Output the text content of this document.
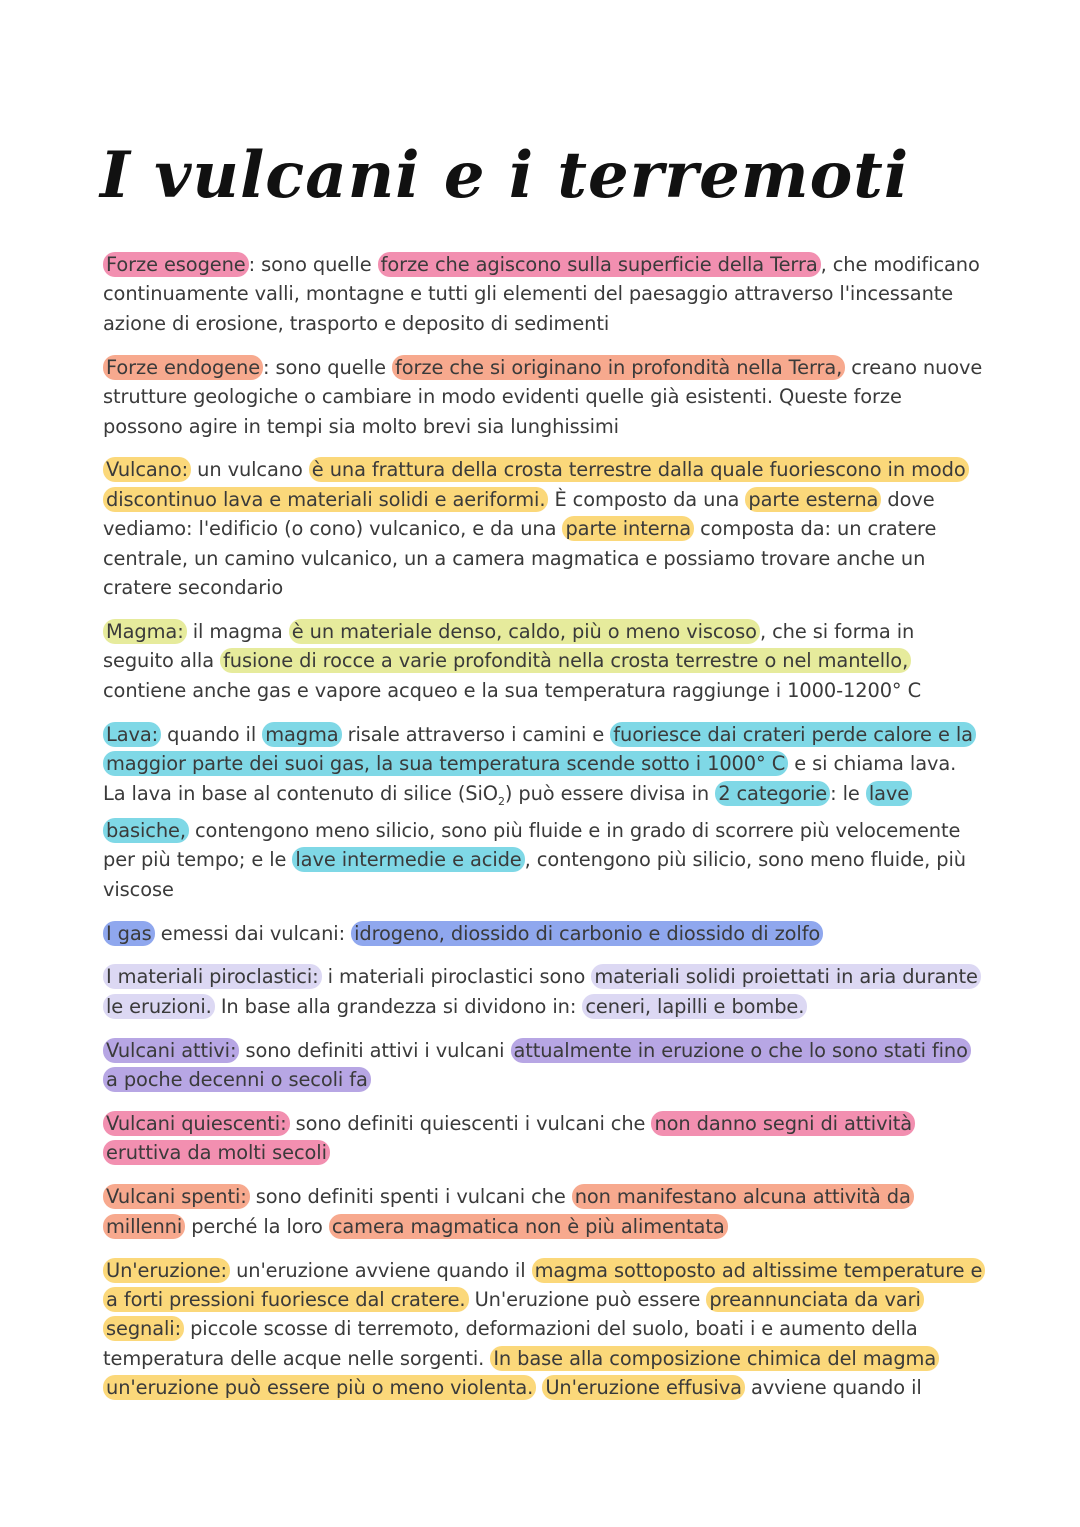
I vulcani e i terremoti

Forze esogene : sono quelle forze che agiscono sulla superficie della Terra , che modificano continuamente valli, montagne e tutti gli elementi del paesaggio attraverso l'incessante azione di erosione, trasporto e deposito di sedimenti

Forze endogene : sono quelle forze che si originano in profondità nella Terra, creano nuove strutture geologiche o cambiare in modo evidenti quelle già esistenti. Queste forze possono agire in tempi sia molto brevi sia lunghissimi

Vulcano: un vulcano è una frattura della crosta terrestre dalla quale fuoriescono in modo discontinuo lava e materiali solidi e aeriformi. È composto da una parte esterna dove vediamo: l'edificio (o cono) vulcanico, e da una parte interna composta da: un cratere centrale, un camino vulcanico, un a camera magmatica e possiamo trovare anche un cratere secondario

Magma: il magma è un materiale denso, caldo, più o meno viscoso , che si forma in seguito alla fusione di rocce a varie profondità nella crosta terrestre o nel mantello, contiene anche gas e vapore acqueo e la sua temperatura raggiunge i 1000-1200° C

Lava: quando il magma risale attraverso i camini e fuoriesce dai crateri perde calore e la maggior parte dei suoi gas, la sua temperatura scende sotto i 1000° C e si chiama lava. La lava in base al contenuto di silice (SiO$_2$) può essere divisa in 2 categorie : le lave basiche, contengono meno silicio, sono più fluide e in grado di scorrere più velocemente per più tempo; e le lave intermedie e acide , contengono più silicio, sono meno fluide, più viscose

I gas emessi dai vulcani: idrogeno, diossido di carbonio e diossido di zolfo

I materiali piroclastici: i materiali piroclastici sono materiali solidi proiettati in aria durante le eruzioni. In base alla grandezza si dividono in: ceneri, lapilli e bombe.

Vulcani attivi: sono definiti attivi i vulcani attualmente in eruzione o che lo sono stati fino a poche decenni o secoli fa

Vulcani quiescenti: sono definiti quiescenti i vulcani che non danno segni di attività eruttiva da molti secoli

Vulcani spenti: sono definiti spenti i vulcani che non manifestano alcuna attività da millenni perché la loro camera magmatica non è più alimentata

Un'eruzione: un'eruzione avviene quando il magma sottoposto ad altissime temperature e a forti pressioni fuoriesce dal cratere. Un'eruzione può essere preannunciata da vari segnali: piccole scosse di terremoto, deformazioni del suolo, boati i e aumento della temperatura delle acque nelle sorgenti. In base alla composizione chimica del magma un'eruzione può essere più o meno violenta. Un'eruzione effusiva avviene quando il
